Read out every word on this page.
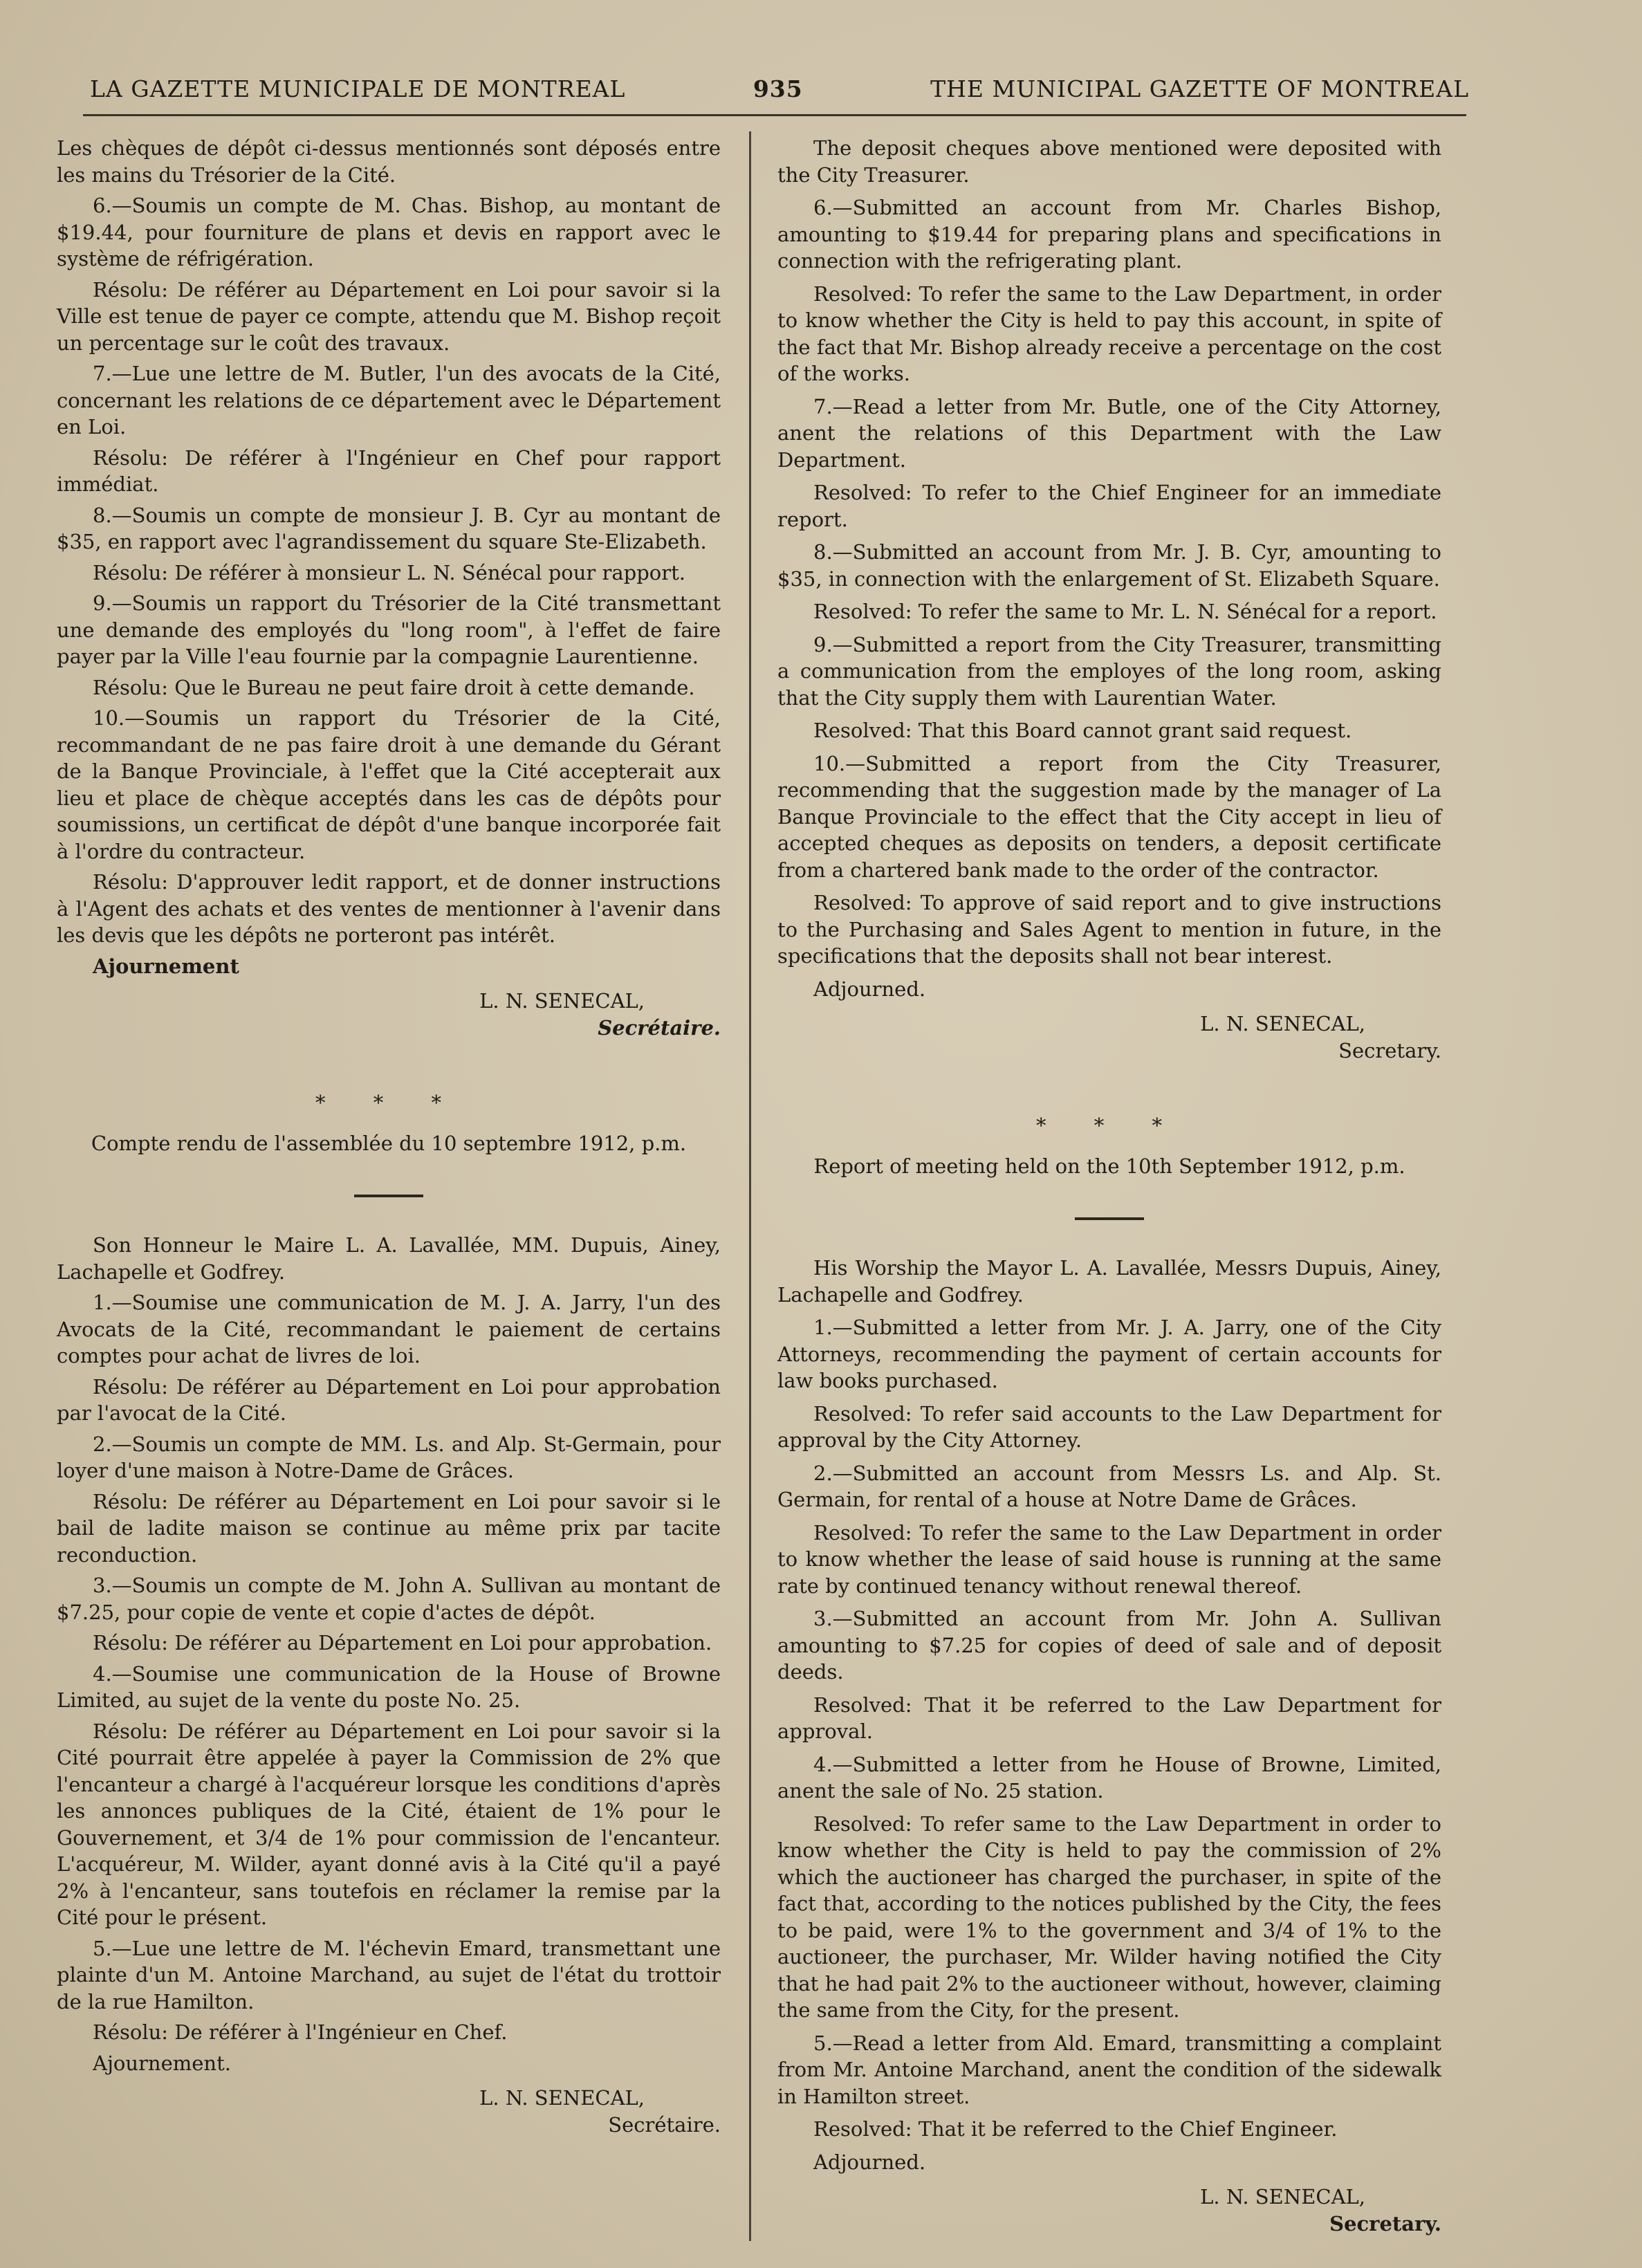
LA GAZETTE MUNICIPALE DE MONTREAL	935	THE MUNICIPAL GAZETTE OF MONTREAL

Les chèques de dépôt ci-dessus mentionnés sont déposés entre les mains du Trésorier de la Cité.

6.—Soumis un compte de M. Chas. Bishop, au montant de $19.44, pour fourniture de plans et devis en rapport avec le système de réfrigération.

Résolu: De référer au Département en Loi pour savoir si la Ville est tenue de payer ce compte, attendu que M. Bishop reçoit un percentage sur le coût des travaux.

7.—Lue une lettre de M. Butler, l'un des avocats de la Cité, concernant les relations de ce département avec le Département en Loi.

Résolu: De référer à l'Ingénieur en Chef pour rapport immédiat.

8.—Soumis un compte de monsieur J. B. Cyr au montant de $35, en rapport avec l'agrandissement du square Ste-Elizabeth.

Résolu: De référer à monsieur L. N. Sénécal pour rapport.

9.—Soumis un rapport du Trésorier de la Cité transmettant une demande des employés du "long room", à l'effet de faire payer par la Ville l'eau fournie par la compagnie Laurentienne.

Résolu: Que le Bureau ne peut faire droit à cette demande.

10.—Soumis un rapport du Trésorier de la Cité, recommandant de ne pas faire droit à une demande du Gérant de la Banque Provinciale, à l'effet que la Cité accepterait aux lieu et place de chèque acceptés dans les cas de dépôts pour soumissions, un certificat de dépôt d'une banque incorporée fait à l'ordre du contracteur.

Résolu: D'approuver ledit rapport, et de donner instructions à l'Agent des achats et des ventes de mentionner à l'avenir dans les devis que les dépôts ne porteront pas intérêt.

Ajournement

L. N. SENECAL,
Secrétaire.
* * *
Compte rendu de l'assemblée du 10 septembre 1912, p.m.

Son Honneur le Maire L. A. Lavallée, MM. Dupuis, Ainey, Lachapelle et Godfrey.

1.—Soumise une communication de M. J. A. Jarry, l'un des Avocats de la Cité, recommandant le paiement de certains comptes pour achat de livres de loi.

Résolu: De référer au Département en Loi pour approbation par l'avocat de la Cité.

2.—Soumis un compte de MM. Ls. and Alp. St-Germain, pour loyer d'une maison à Notre-Dame de Grâces.

Résolu: De référer au Département en Loi pour savoir si le bail de ladite maison se continue au même prix par tacite reconduction.

3.—Soumis un compte de M. John A. Sullivan au montant de $7.25, pour copie de vente et copie d'actes de dépôt.

Résolu: De référer au Département en Loi pour approbation.

4.—Soumise une communication de la House of Browne Limited, au sujet de la vente du poste No. 25.

Résolu: De référer au Département en Loi pour savoir si la Cité pourrait être appelée à payer la Commission de 2% que l'encanteur a chargé à l'acquéreur lorsque les conditions d'après les annonces publiques de la Cité, étaient de 1% pour le Gouvernement, et 3/4 de 1% pour commission de l'encanteur. L'acquéreur, M. Wilder, ayant donné avis à la Cité qu'il a payé 2% à l'encanteur, sans toutefois en réclamer la remise par la Cité pour le présent.

5.—Lue une lettre de M. l'échevin Emard, transmettant une plainte d'un M. Antoine Marchand, au sujet de l'état du trottoir de la rue Hamilton.

Résolu: De référer à l'Ingénieur en Chef.

Ajournement.

L. N. SENECAL,
Secrétaire.

The deposit cheques above mentioned were deposited with the City Treasurer.

6.—Submitted an account from Mr. Charles Bishop, amounting to $19.44 for preparing plans and specifications in connection with the refrigerating plant.

Resolved: To refer the same to the Law Department, in order to know whether the City is held to pay this account, in spite of the fact that Mr. Bishop already receive a percentage on the cost of the works.

7.—Read a letter from Mr. Butle, one of the City Attorney, anent the relations of this Department with the Law Department.

Resolved: To refer to the Chief Engineer for an immediate report.

8.—Submitted an account from Mr. J. B. Cyr, amounting to $35, in connection with the enlargement of St. Elizabeth Square.

Resolved: To refer the same to Mr. L. N. Sénécal for a report.

9.—Submitted a report from the City Treasurer, transmitting a communication from the employes of the long room, asking that the City supply them with Laurentian Water.

Resolved: That this Board cannot grant said request.

10.—Submitted a report from the City Treasurer, recommending that the suggestion made by the manager of La Banque Provinciale to the effect that the City accept in lieu of accepted cheques as deposits on tenders, a deposit certificate from a chartered bank made to the order of the contractor.

Resolved: To approve of said report and to give instructions to the Purchasing and Sales Agent to mention in future, in the specifications that the deposits shall not bear interest.

Adjourned.

L. N. SENECAL,
Secretary.
* * *
Report of meeting held on the 10th September 1912, p.m.

His Worship the Mayor L. A. Lavallée, Messrs Dupuis, Ainey, Lachapelle and Godfrey.

1.—Submitted a letter from Mr. J. A. Jarry, one of the City Attorneys, recommending the payment of certain accounts for law books purchased.

Resolved: To refer said accounts to the Law Department for approval by the City Attorney.

2.—Submitted an account from Messrs Ls. and Alp. St. Germain, for rental of a house at Notre Dame de Grâces.

Resolved: To refer the same to the Law Department in order to know whether the lease of said house is running at the same rate by continued tenancy without renewal thereof.

3.—Submitted an account from Mr. John A. Sullivan amounting to $7.25 for copies of deed of sale and of deposit deeds.

Resolved: That it be referred to the Law Department for approval.

4.—Submitted a letter from he House of Browne, Limited, anent the sale of No. 25 station.

Resolved: To refer same to the Law Department in order to know whether the City is held to pay the commission of 2% which the auctioneer has charged the purchaser, in spite of the fact that, according to the notices published by the City, the fees to be paid, were 1% to the government and 3/4 of 1% to the auctioneer, the purchaser, Mr. Wilder having notified the City that he had pait 2% to the auctioneer without, however, claiming the same from the City, for the present.

5.—Read a letter from Ald. Emard, transmitting a complaint from Mr. Antoine Marchand, anent the condition of the sidewalk in Hamilton street.

Resolved: That it be referred to the Chief Engineer.

Adjourned.

L. N. SENECAL,
Secretary.
